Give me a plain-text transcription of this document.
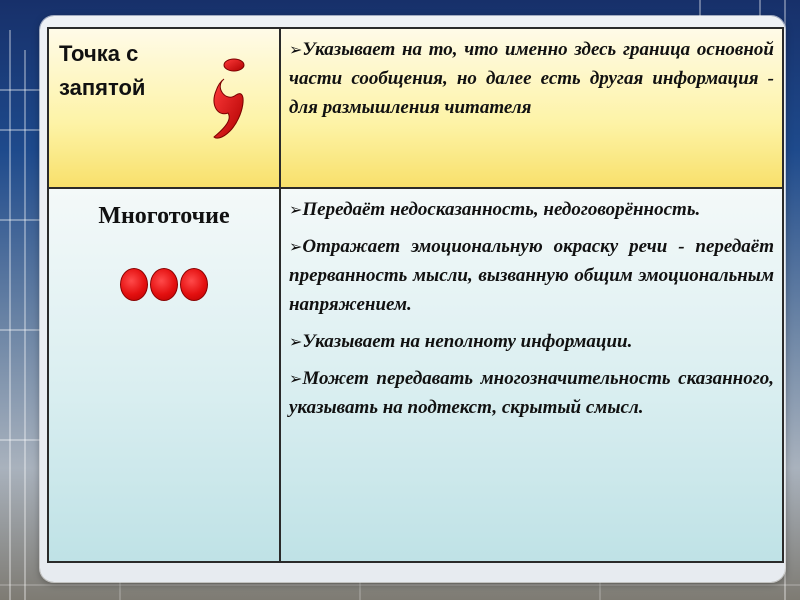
Точка с запятой	➢Указывает на то, что именно здесь граница основной части сообщения, но далее есть другая информация - для размышления читателя

Многоточие	➢Передаёт недосказанность, недоговорённость.

➢Отражает эмоциональную окраску речи - передаёт прерванность мысли, вызванную общим эмоциональным напряжением.

➢Указывает на неполноту информации.

➢Может передавать многозначительность сказанного, указывать на подтекст, скрытый смысл.
